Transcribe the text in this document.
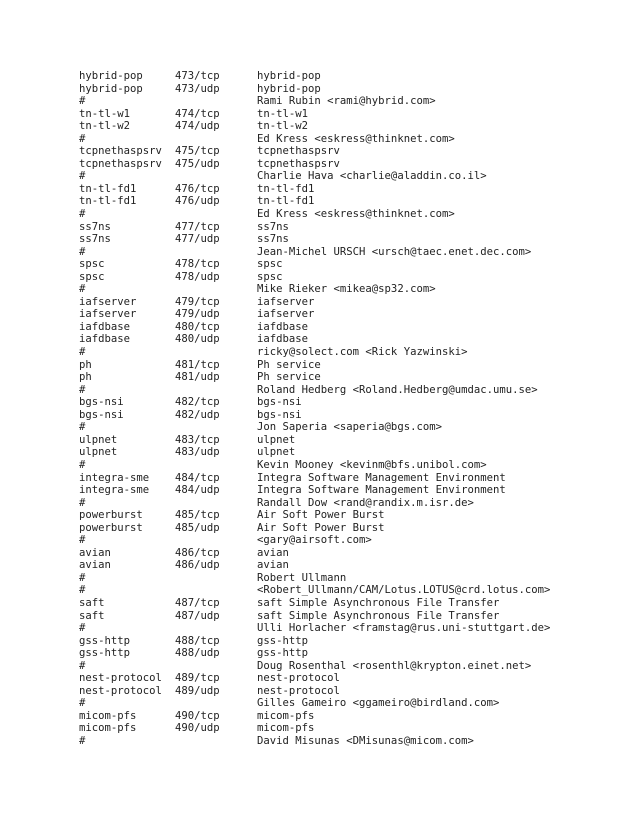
hybrid-pop	473/tcp	hybrid-pop
hybrid-pop	473/udp	hybrid-pop
#	Rami Rubin <rami@hybrid.com>
tn-tl-w1	474/tcp	tn-tl-w1
tn-tl-w2	474/udp	tn-tl-w2
#	Ed Kress <eskress@thinknet.com>
tcpnethaspsrv 475/tcp	tcpnethaspsrv
tcpnethaspsrv 475/udp	tcpnethaspsrv
#	Charlie Hava <charlie@aladdin.co.il>
tn-tl-fd1	476/tcp	tn-tl-fd1
tn-tl-fd1	476/udp	tn-tl-fd1
#	Ed Kress <eskress@thinknet.com>
ss7ns	477/tcp	ss7ns
ss7ns	477/udp	ss7ns
#	Jean-Michel URSCH <ursch@taec.enet.dec.com>
spsc	478/tcp	spsc
spsc	478/udp	spsc
#	Mike Rieker <mikea@sp32.com>
iafserver	479/tcp	iafserver
iafserver	479/udp	iafserver
iafdbase	480/tcp	iafdbase
iafdbase	480/udp	iafdbase
#	ricky@solect.com <Rick Yazwinski>
ph	481/tcp	Ph service
ph	481/udp	Ph service
#	Roland Hedberg <Roland.Hedberg@umdac.umu.se>
bgs-nsi	482/tcp	bgs-nsi
bgs-nsi	482/udp	bgs-nsi
#	Jon Saperia <saperia@bgs.com>
ulpnet	483/tcp	ulpnet
ulpnet	483/udp	ulpnet
#	Kevin Mooney <kevinm@bfs.unibol.com>
integra-sme 484/tcp	Integra Software Management Environment
integra-sme 484/udp	Integra Software Management Environment
#	Randall Dow <rand@randix.m.isr.de>
powerburst	485/tcp	Air Soft Power Burst
powerburst	485/udp	Air Soft Power Burst
#	<gary@airsoft.com>
avian	486/tcp	avian
avian	486/udp	avian
#	Robert Ullmann
#	<Robert_Ullmann/CAM/Lotus.LOTUS@crd.lotus.com>
saft	487/tcp	saft Simple Asynchronous File Transfer
saft	487/udp	saft Simple Asynchronous File Transfer
#	Ulli Horlacher <framstag@rus.uni-stuttgart.de>
gss-http	488/tcp	gss-http
gss-http	488/udp	gss-http
#	Doug Rosenthal <rosenthl@krypton.einet.net>
nest-protocol 489/tcp	nest-protocol
nest-protocol 489/udp	nest-protocol
#	Gilles Gameiro <ggameiro@birdland.com>
micom-pfs	490/tcp	micom-pfs
micom-pfs	490/udp	micom-pfs
#	David Misunas <DMisunas@micom.com>
